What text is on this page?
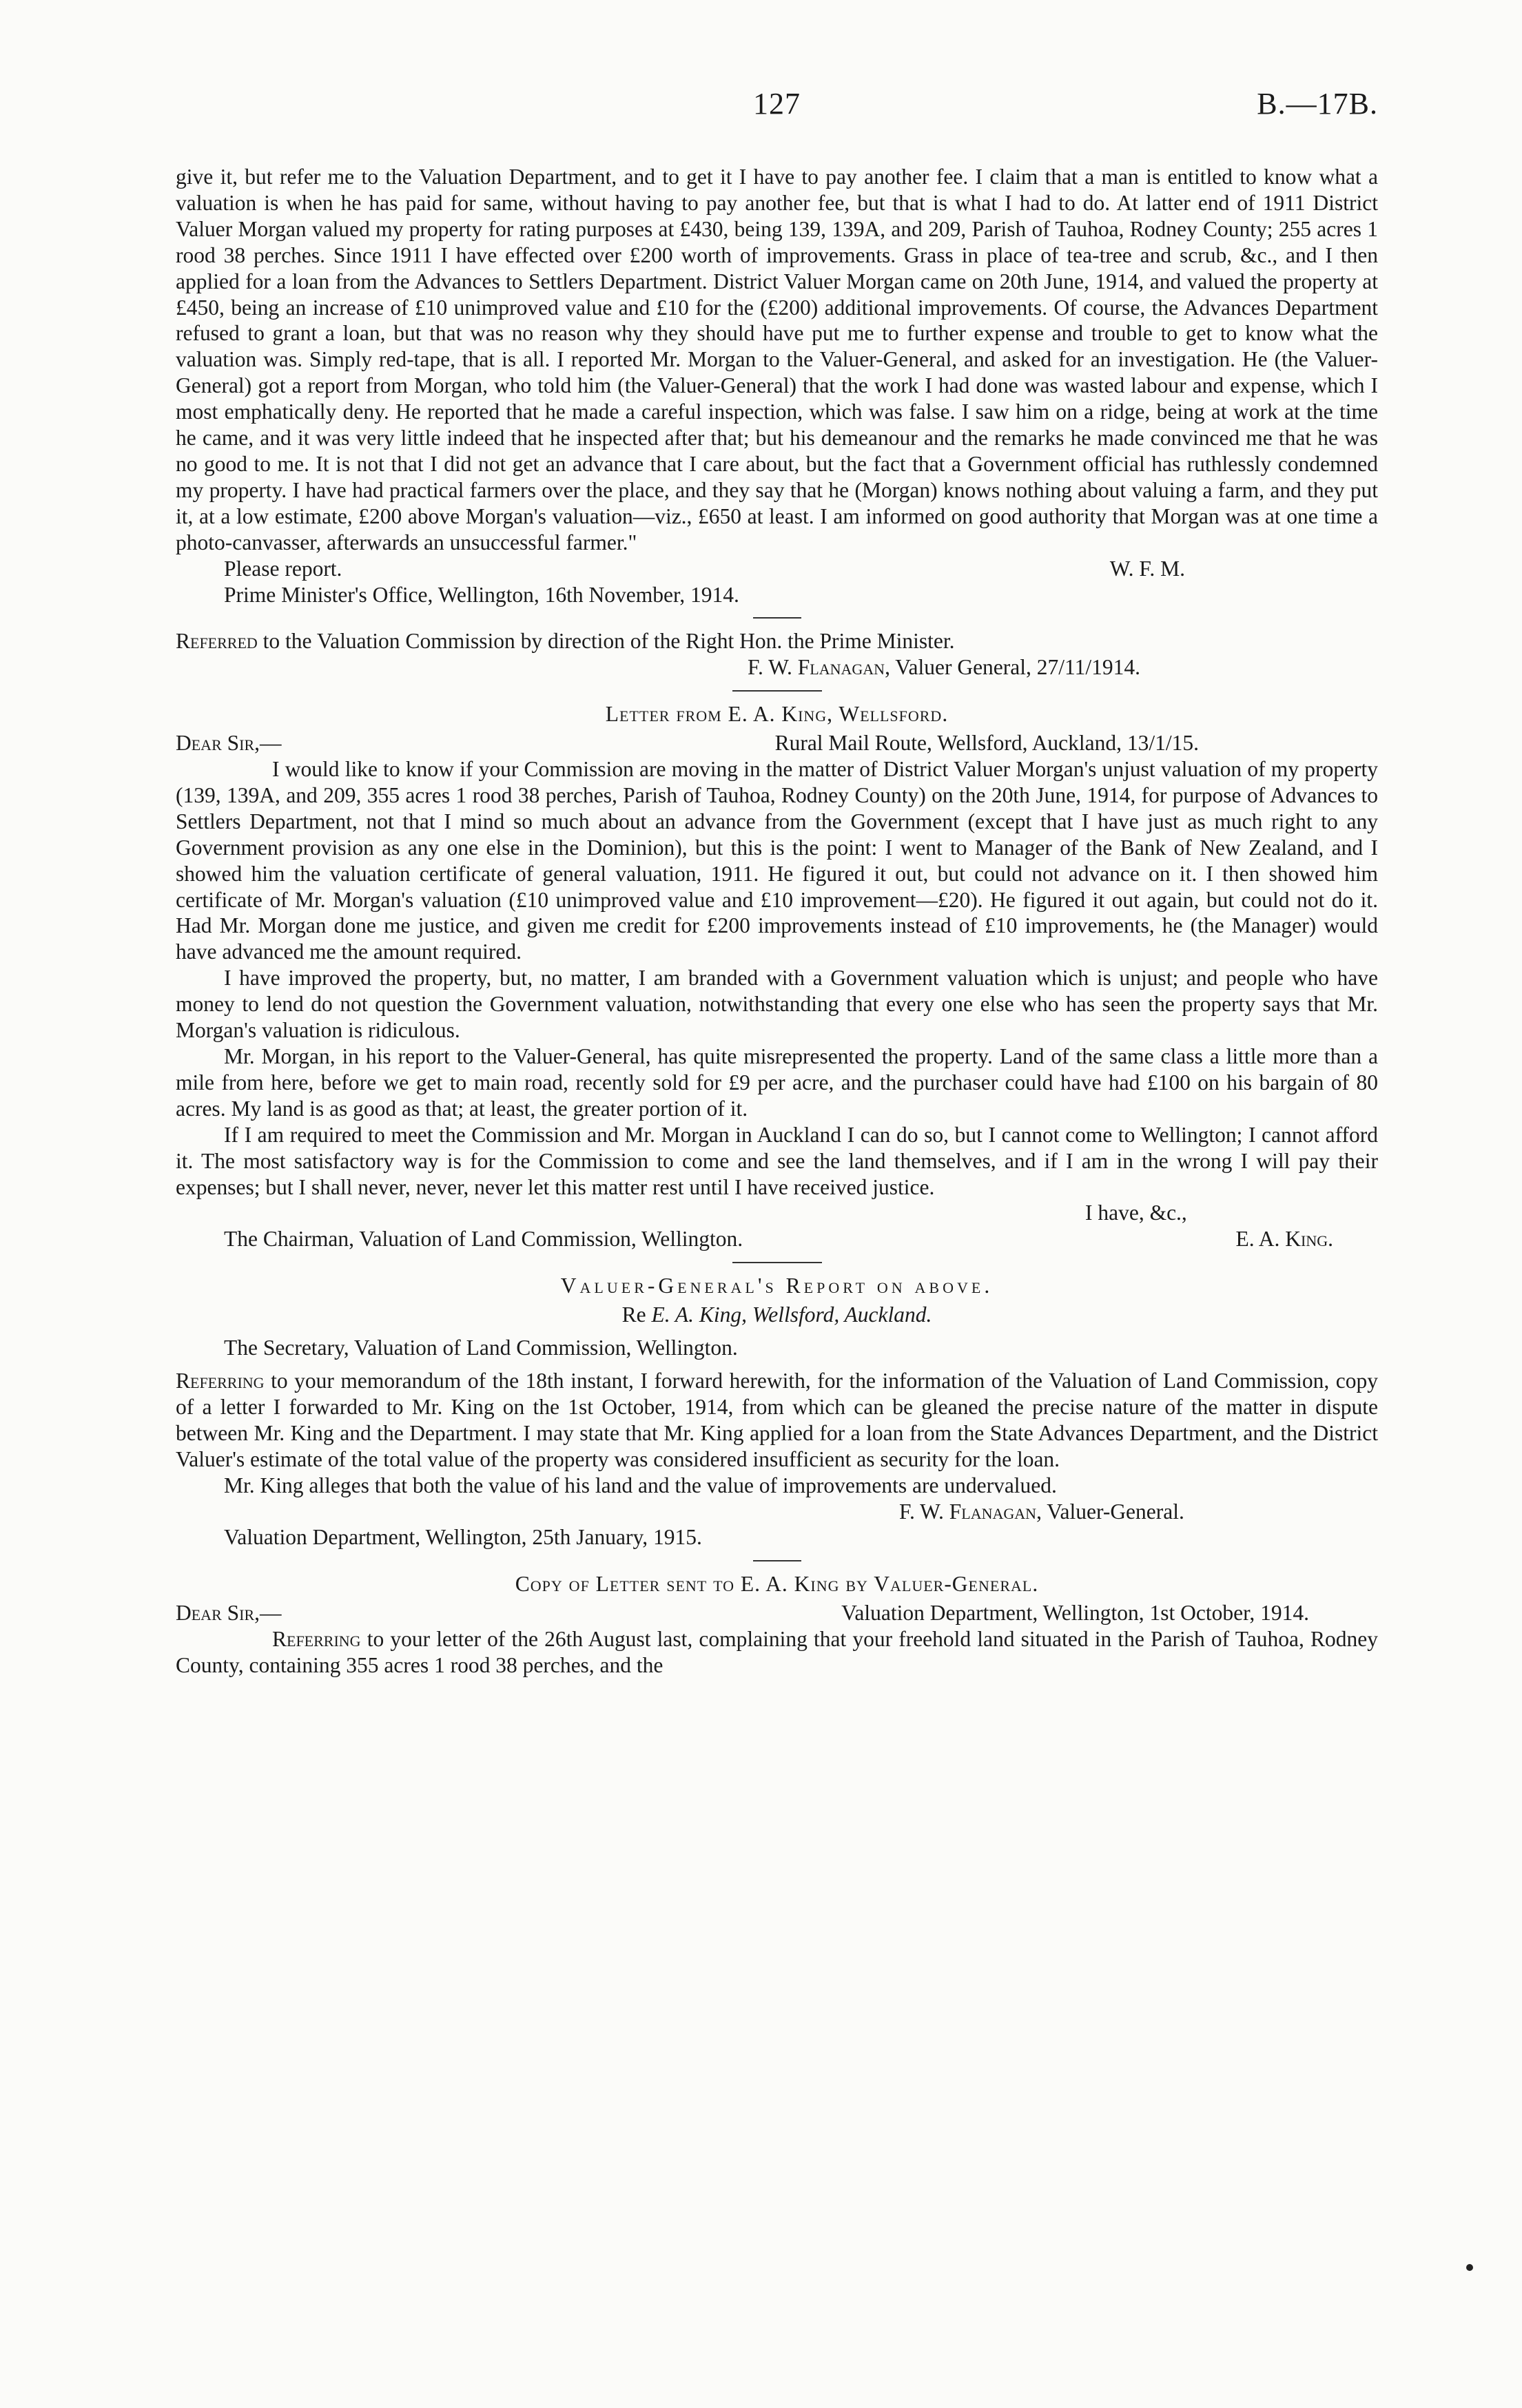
127	B.—17B.

give it, but refer me to the Valuation Department, and to get it I have to pay another fee. I claim that a man is entitled to know what a valuation is when he has paid for same, without having to pay another fee, but that is what I had to do. At latter end of 1911 District Valuer Morgan valued my property for rating purposes at £430, being 139, 139A, and 209, Parish of Tauhoa, Rodney County; 255 acres 1 rood 38 perches. Since 1911 I have effected over £200 worth of improvements. Grass in place of tea-tree and scrub, &c., and I then applied for a loan from the Advances to Settlers Department. District Valuer Morgan came on 20th June, 1914, and valued the property at £450, being an increase of £10 unimproved value and £10 for the (£200) additional improvements. Of course, the Advances Department refused to grant a loan, but that was no reason why they should have put me to further expense and trouble to get to know what the valuation was. Simply red-tape, that is all. I reported Mr. Morgan to the Valuer-General, and asked for an investigation. He (the Valuer-General) got a report from Morgan, who told him (the Valuer-General) that the work I had done was wasted labour and expense, which I most emphatically deny. He reported that he made a careful inspection, which was false. I saw him on a ridge, being at work at the time he came, and it was very little indeed that he inspected after that; but his demeanour and the remarks he made convinced me that he was no good to me. It is not that I did not get an advance that I care about, but the fact that a Government official has ruthlessly condemned my property. I have had practical farmers over the place, and they say that he (Morgan) knows nothing about valuing a farm, and they put it, at a low estimate, £200 above Morgan's valuation—viz., £650 at least. I am informed on good authority that Morgan was at one time a photo-canvasser, afterwards an unsuccessful farmer."

Please report.	W. F. M.

Prime Minister's Office, Wellington, 16th November, 1914.

Referred to the Valuation Commission by direction of the Right Hon. the Prime Minister.

F. W. Flanagan, Valuer General, 27/11/1914.

Letter from E. A. King, Wellsford.
Dear Sir,—	Rural Mail Route, Wellsford, Auckland, 13/1/15.

I would like to know if your Commission are moving in the matter of District Valuer Morgan's unjust valuation of my property (139, 139A, and 209, 355 acres 1 rood 38 perches, Parish of Tauhoa, Rodney County) on the 20th June, 1914, for purpose of Advances to Settlers Department, not that I mind so much about an advance from the Government (except that I have just as much right to any Government provision as any one else in the Dominion), but this is the point: I went to Manager of the Bank of New Zealand, and I showed him the valuation certificate of general valuation, 1911. He figured it out, but could not advance on it. I then showed him certificate of Mr. Morgan's valuation (£10 unimproved value and £10 improvement—£20). He figured it out again, but could not do it. Had Mr. Morgan done me justice, and given me credit for £200 improvements instead of £10 improvements, he (the Manager) would have advanced me the amount required.

I have improved the property, but, no matter, I am branded with a Government valuation which is unjust; and people who have money to lend do not question the Government valuation, notwithstanding that every one else who has seen the property says that Mr. Morgan's valuation is ridiculous.

Mr. Morgan, in his report to the Valuer-General, has quite misrepresented the property. Land of the same class a little more than a mile from here, before we get to main road, recently sold for £9 per acre, and the purchaser could have had £100 on his bargain of 80 acres. My land is as good as that; at least, the greater portion of it.

If I am required to meet the Commission and Mr. Morgan in Auckland I can do so, but I cannot come to Wellington; I cannot afford it. The most satisfactory way is for the Commission to come and see the land themselves, and if I am in the wrong I will pay their expenses; but I shall never, never, never let this matter rest until I have received justice.

I have, &c.,

The Chairman, Valuation of Land Commission, Wellington.	E. A. King.
Valuer-General's Report on above.

Re E. A. King, Wellsford, Auckland.

The Secretary, Valuation of Land Commission, Wellington.

Referring to your memorandum of the 18th instant, I forward herewith, for the information of the Valuation of Land Commission, copy of a letter I forwarded to Mr. King on the 1st October, 1914, from which can be gleaned the precise nature of the matter in dispute between Mr. King and the Department. I may state that Mr. King applied for a loan from the State Advances Department, and the District Valuer's estimate of the total value of the property was considered insufficient as security for the loan.

Mr. King alleges that both the value of his land and the value of improvements are undervalued.

F. W. Flanagan, Valuer-General.

Valuation Department, Wellington, 25th January, 1915.

Copy of Letter sent to E. A. King by Valuer-General.
Dear Sir,—	Valuation Department, Wellington, 1st October, 1914.

Referring to your letter of the 26th August last, complaining that your freehold land situated in the Parish of Tauhoa, Rodney County, containing 355 acres 1 rood 38 perches, and the
